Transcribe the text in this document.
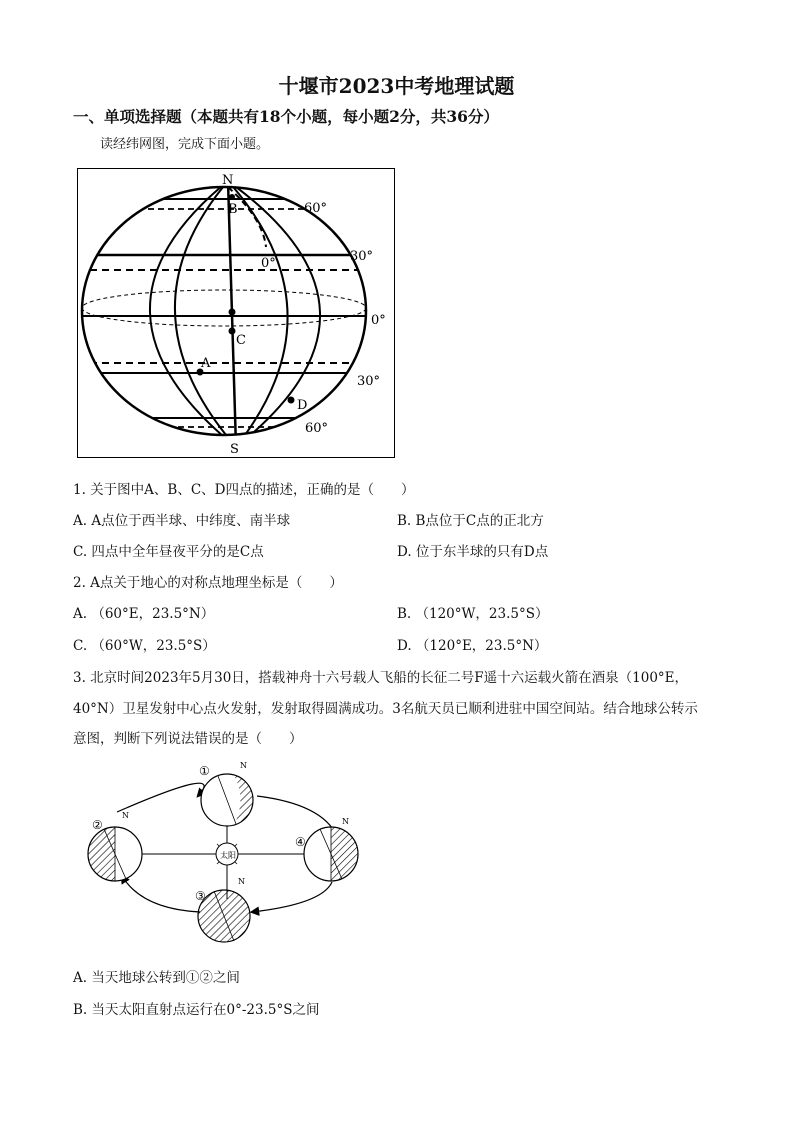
十堰市2023中考地理试题
一、单项选择题（本题共有18个小题，每小题2分，共36分）
读经纬网图，完成下面小题。
N
S
60°
30°
0°
30°
60°
0°
B
C
A
D
1. 关于图中A、B、C、D四点的描述，正确的是（　　）
A. A点位于西半球、中纬度、南半球	B. B点位于C点的正北方
C. 四点中全年昼夜平分的是C点	D. 位于东半球的只有D点
2. A点关于地心的对称点地理坐标是（　　）
A. （60°E，23.5°N）	B. （120°W，23.5°S）
C. （60°W，23.5°S）	D. （120°E，23.5°N）
3. 北京时间2023年5月30日，搭载神舟十六号载人飞船的长征二号F遥十六运载火箭在酒泉（100°E，
40°N）卫星发射中心点火发射，发射取得圆满成功。3名航天员已顺利进驻中国空间站。结合地球公转示
意图，判断下列说法错误的是（　　）
太阳
①	N
②
N
④
N
③
N
A. 当天地球公转到①②之间
B. 当天太阳直射点运行在0°-23.5°S之间
